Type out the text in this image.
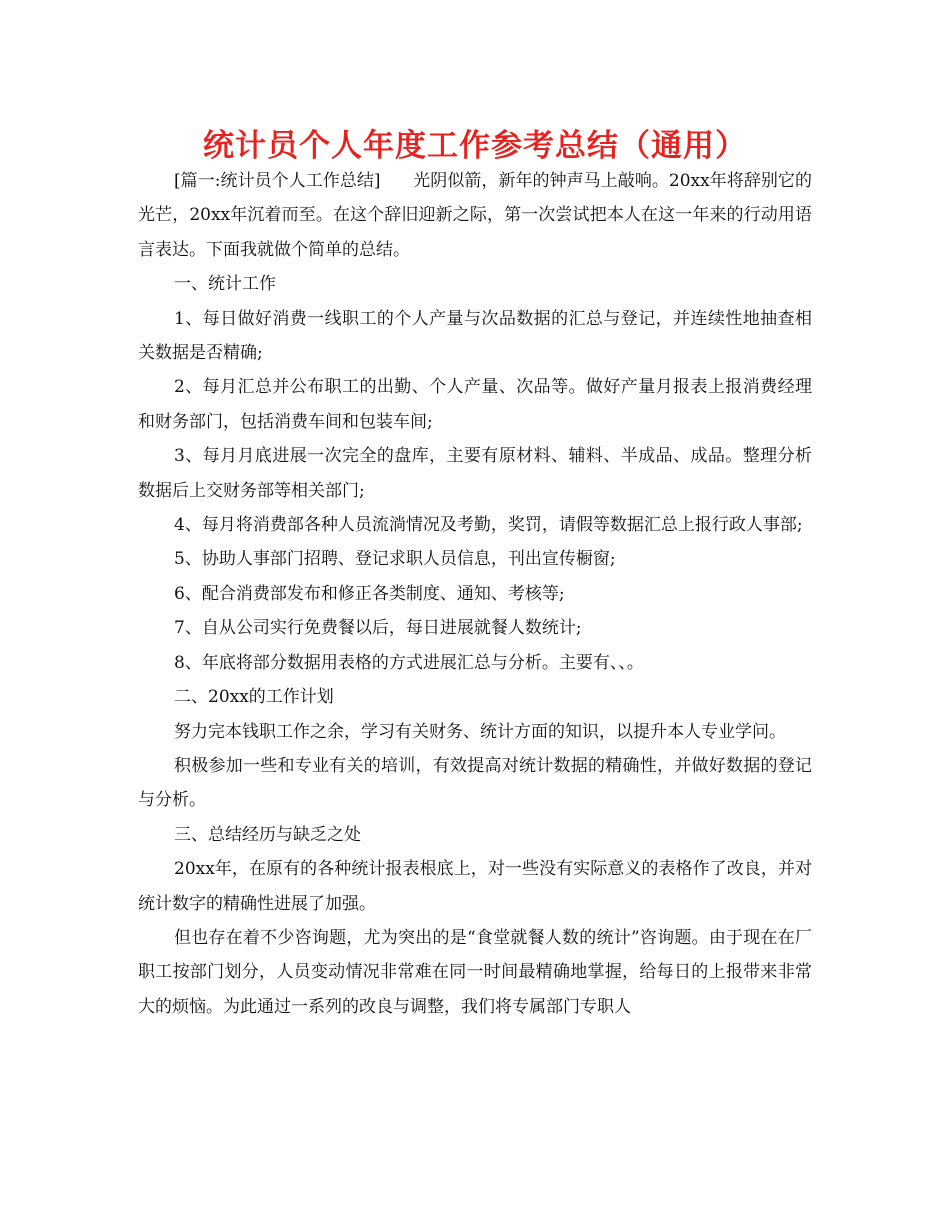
统计员个人年度工作参考总结（通用）

[篇一:统计员个人工作总结] 光阴似箭，新年的钟声马上敲响。20xx年将辞别它的光芒，20xx年沉着而至。在这个辞旧迎新之际，第一次尝试把本人在这一年来的行动用语言表达。下面我就做个简单的总结。

一、统计工作

1、每日做好消费一线职工的个人产量与次品数据的汇总与登记，并连续性地抽查相关数据是否精确;

2、每月汇总并公布职工的出勤、个人产量、次品等。做好产量月报表上报消费经理和财务部门，包括消费车间和包装车间;

3、每月月底进展一次完全的盘库，主要有原材料、辅料、半成品、成品。整理分析数据后上交财务部等相关部门;

4、每月将消费部各种人员流淌情况及考勤，奖罚，请假等数据汇总上报行政人事部;

5、协助人事部门招聘、登记求职人员信息，刊出宣传橱窗;

6、配合消费部发布和修正各类制度、通知、考核等;

7、自从公司实行免费餐以后，每日进展就餐人数统计;

8、年底将部分数据用表格的方式进展汇总与分析。主要有、、。

二、20xx的工作计划

努力完本钱职工作之余，学习有关财务、统计方面的知识，以提升本人专业学问。

积极参加一些和专业有关的培训，有效提高对统计数据的精确性，并做好数据的登记与分析。

三、总结经历与缺乏之处

20xx年，在原有的各种统计报表根底上，对一些没有实际意义的表格作了改良，并对统计数字的精确性进展了加强。

但也存在着不少咨询题，尤为突出的是“食堂就餐人数的统计”咨询题。由于现在在厂职工按部门划分，人员变动情况非常难在同一时间最精确地掌握，给每日的上报带来非常大的烦恼。为此通过一系列的改良与调整，我们将专属部门专职人
